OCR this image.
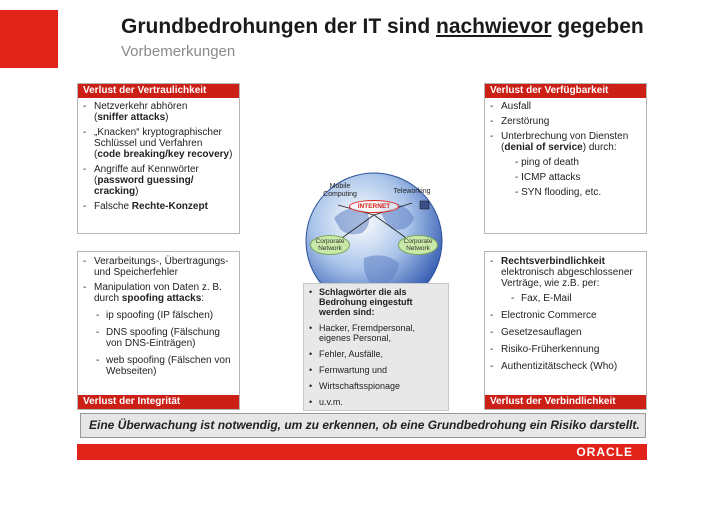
Grundbedrohungen der IT sind nachwievor gegeben
Vorbemerkungen
Verlust der Vertraulichkeit
- Netzverkehr abhören
(sniffer attacks)
- „Knacken“ kryptographischer Schlüssel und Verfahren
(code breaking/key recovery)
- Angriffe auf Kennwörter
(password guessing/ cracking)
- Falsche Rechte-Konzept
Verlust der Verfügbarkeit
- Ausfall
- Zerstörung
- Unterbrechung von Diensten
(denial of service) durch:
- ping of death
- ICMP attacks
- SYN flooding, etc.
- Verarbeitungs-, Übertragungs- und Speicherfehler
- Manipulation von Daten z. B. durch spoofing attacks:
- ip spoofing (IP fälschen)
- DNS spoofing (Fälschung von DNS-Einträgen)
- web spoofing (Fälschen von Webseiten)
Verlust der Integrität
- Rechtsverbindlichkeit
elektronisch abgeschlossener Verträge, wie z.B. per:
- Fax, E-Mail
- Electronic Commerce
- Gesetzesauflagen
- Risiko-Früherkennung
- Authentizitätscheck (Who)
Verlust der Verbindlichkeit
Mobile Computing	Teleworking
INTERNET
Corporate Network
Corporate Network
• Schlagwörter die als Bedrohung eingestuft werden sind:
• Hacker, Fremdpersonal, eigenes Personal,
• Fehler, Ausfälle,
• Fernwartung und
• Wirtschaftsspionage
• u.v.m.
Eine Überwachung ist notwendig, um zu erkennen, ob eine Grundbedrohung ein Risiko darstellt.
ORACLE
